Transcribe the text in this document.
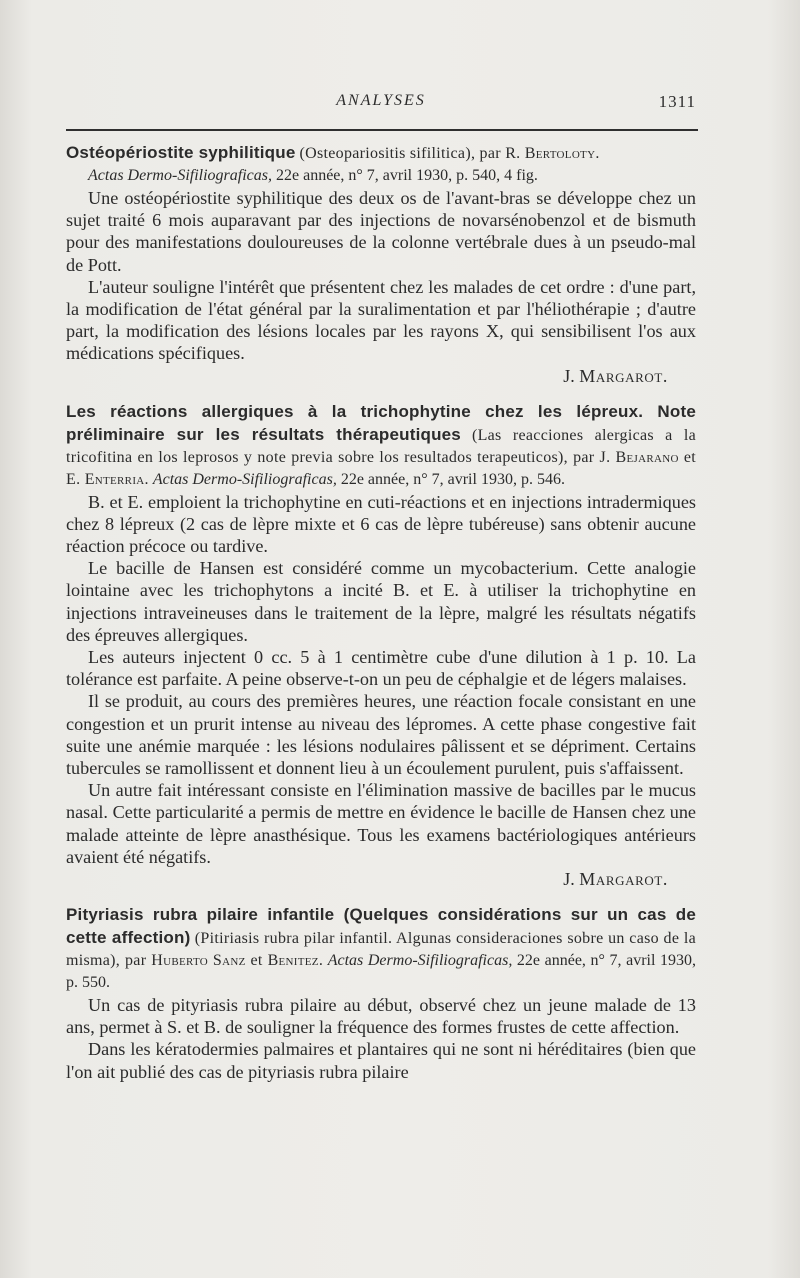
ANALYSES	1311

Ostéopériostite syphilitique (Osteopariositis sifilitica), par R. Bertoloty.
Actas Dermo-Sifiliograficas, 22e année, n° 7, avril 1930, p. 540, 4 fig.

Une ostéopériostite syphilitique des deux os de l'avant-bras se développe chez un sujet traité 6 mois auparavant par des injections de novarsénobenzol et de bismuth pour des manifestations douloureuses de la colonne vertébrale dues à un pseudo-mal de Pott.

L'auteur souligne l'intérêt que présentent chez les malades de cet ordre : d'une part, la modification de l'état général par la suralimentation et par l'héliothérapie ; d'autre part, la modification des lésions locales par les rayons X, qui sensibilisent l'os aux médications spécifiques.

J. Margarot.

Les réactions allergiques à la trichophytine chez les lépreux. Note préliminaire sur les résultats thérapeutiques (Las reacciones alergicas a la tricofitina en los leprosos y note previa sobre los resultados terapeuticos), par J. Bejarano et E. Enterria. Actas Dermo-Sifiliograficas, 22e année, n° 7, avril 1930, p. 546.

B. et E. emploient la trichophytine en cuti-réactions et en injections intradermiques chez 8 lépreux (2 cas de lèpre mixte et 6 cas de lèpre tubéreuse) sans obtenir aucune réaction précoce ou tardive.

Le bacille de Hansen est considéré comme un mycobacterium. Cette analogie lointaine avec les trichophytons a incité B. et E. à utiliser la trichophytine en injections intraveineuses dans le traitement de la lèpre, malgré les résultats négatifs des épreuves allergiques.

Les auteurs injectent 0 cc. 5 à 1 centimètre cube d'une dilution à 1 p. 10. La tolérance est parfaite. A peine observe-t-on un peu de céphalgie et de légers malaises.

Il se produit, au cours des premières heures, une réaction focale consistant en une congestion et un prurit intense au niveau des lépromes. A cette phase congestive fait suite une anémie marquée : les lésions nodulaires pâlissent et se dépriment. Certains tubercules se ramollissent et donnent lieu à un écoulement purulent, puis s'affaissent.

Un autre fait intéressant consiste en l'élimination massive de bacilles par le mucus nasal. Cette particularité a permis de mettre en évidence le bacille de Hansen chez une malade atteinte de lèpre anasthésique. Tous les examens bactériologiques antérieurs avaient été négatifs.

J. Margarot.

Pityriasis rubra pilaire infantile (Quelques considérations sur un cas de cette affection) (Pitiriasis rubra pilar infantil. Algunas consideraciones sobre un caso de la misma), par Huberto Sanz et Benitez. Actas Dermo-Sifiliograficas, 22e année, n° 7, avril 1930, p. 550.

Un cas de pityriasis rubra pilaire au début, observé chez un jeune malade de 13 ans, permet à S. et B. de souligner la fréquence des formes frustes de cette affection.

Dans les kératodermies palmaires et plantaires qui ne sont ni héréditaires (bien que l'on ait publié des cas de pityriasis rubra pilaire
